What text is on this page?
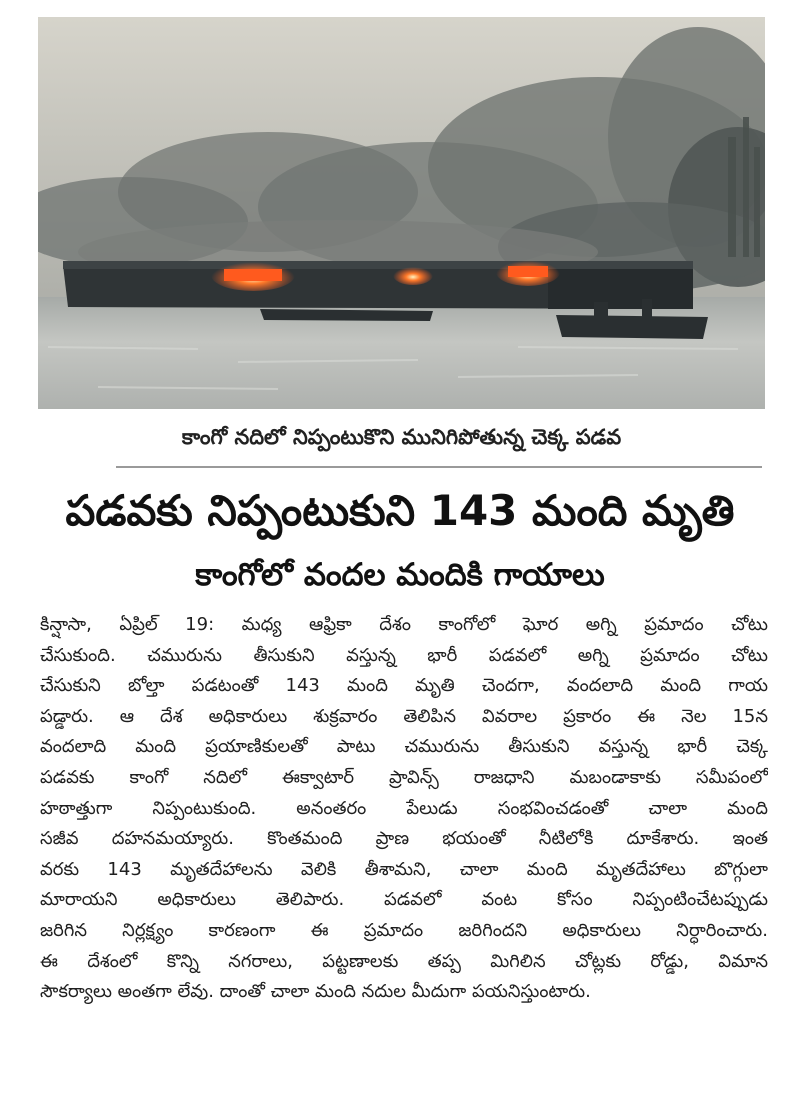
కాంగో నదిలో నిప్పంటుకొని మునిగిపోతున్న చెక్క పడవ
పడవకు నిప్పంటుకుని 143 మంది మృతి
కాంగోలో వందల మందికి గాయాలు
కిన్షాసా, ఏప్రిల్ 19: మధ్య ఆఫ్రికా దేశం కాంగోలో ఘోర అగ్ని ప్రమాదం చోటు
చేసుకుంది. చమురును తీసుకుని వస్తున్న భారీ పడవలో అగ్ని ప్రమాదం చోటు
చేసుకుని బోల్తా పడటంతో 143 మంది మృతి చెందగా, వందలాది మంది గాయ
పడ్డారు. ఆ దేశ అధికారులు శుక్రవారం తెలిపిన వివరాల ప్రకారం ఈ నెల 15న
వందలాది మంది ప్రయాణికులతో పాటు చమురును తీసుకుని వస్తున్న భారీ చెక్క
పడవకు కాంగో నదిలో ఈక్వాటార్ ప్రావిన్స్ రాజధాని మబండాకాకు సమీపంలో
హఠాత్తుగా నిప్పంటుకుంది. అనంతరం పేలుడు సంభవించడంతో చాలా మంది
సజీవ దహనమయ్యారు. కొంతమంది ప్రాణ భయంతో నీటిలోకి దూకేశారు. ఇంత
వరకు 143 మృతదేహాలను వెలికి తీశామని, చాలా మంది మృతదేహాలు బొగ్గులా
మారాయని అధికారులు తెలిపారు. పడవలో వంట కోసం నిప్పంటించేటప్పుడు
జరిగిన నిర్లక్ష్యం కారణంగా ఈ ప్రమాదం జరిగిందని అధికారులు నిర్ధారించారు.
ఈ దేశంలో కొన్ని నగరాలు, పట్టణాలకు తప్ప మిగిలిన చోట్లకు రోడ్డు, విమాన
సౌకర్యాలు అంతగా లేవు. దాంతో చాలా మంది నదుల మీదుగా పయనిస్తుంటారు.
